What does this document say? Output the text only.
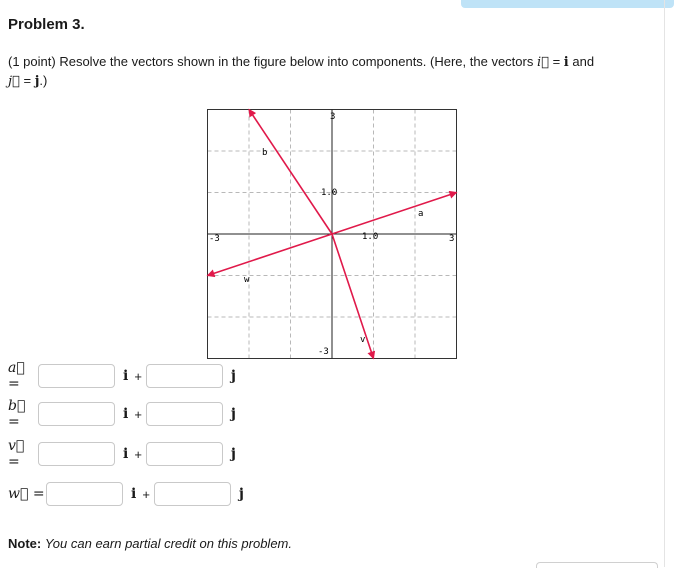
Problem 3.
(1 point) Resolve the vectors shown in the figure below into components. (Here, the vectors i⃗ = i and
j⃗ = j.)
3
-3
-3	3
1.0
1.0
a
b
v
w
a⃗ =	i +	j
b⃗ =	i +	j
v⃗ =	i +	j
w⃗ =	i +	j
Note: You can earn partial credit on this problem.
